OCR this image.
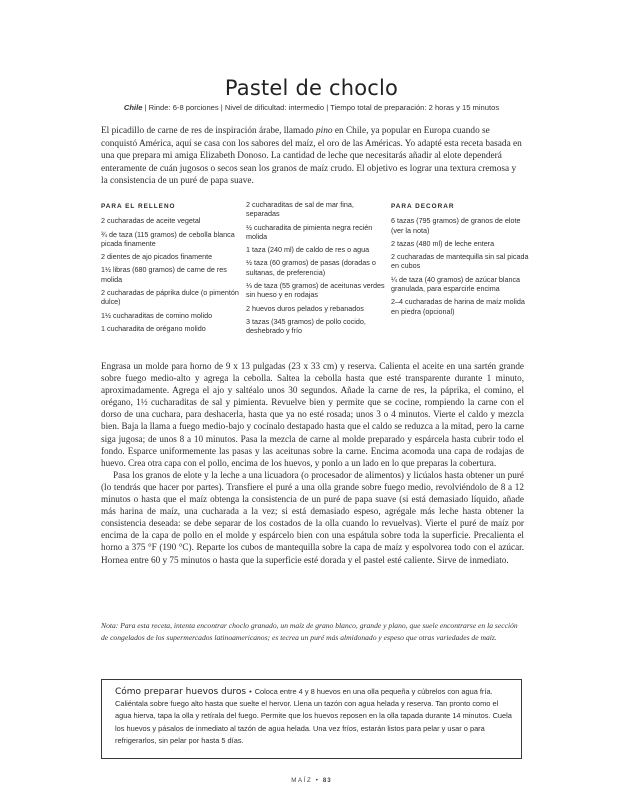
Pastel de choclo
Chile | Rinde: 6-8 porciones | Nivel de dificultad: intermedio | Tiempo total de preparación: 2 horas y 15 minutos

El picadillo de carne de res de inspiración árabe, llamado pino en Chile, ya popular en Europa cuando se conquistó América, aquí se casa con los sabores del maíz, el oro de las Américas. Yo adapté esta receta basada en una que prepara mi amiga Elizabeth Donoso. La cantidad de leche que necesitarás añadir al elote dependerá enteramente de cuán jugosos o secos sean los granos de maíz crudo. El objetivo es lograr una textura cremosa y la consistencia de un puré de papa suave.

PARA EL RELLENO
2 cucharadas de aceite vegetal
¾ de taza (115 gramos) de cebolla blanca picada finamente
2 dientes de ajo picados finamente
1½ libras (680 gramos) de carne de res molida
2 cucharadas de páprika dulce (o pimentón dulce)
1½ cucharaditas de comino molido
1 cucharadita de orégano molido
2 cucharaditas de sal de mar fina, separadas
½ cucharadita de pimienta negra recién molida
1 taza (240 ml) de caldo de res o agua
½ taza (60 gramos) de pasas (doradas o sultanas, de preferencia)
⅓ de taza (55 gramos) de aceitunas verdes sin hueso y en rodajas
2 huevos duros pelados y rebanados
3 tazas (345 gramos) de pollo cocido, deshebrado y frío
PARA DECORAR
6 tazas (795 gramos) de granos de elote (ver la nota)
2 tazas (480 ml) de leche entera
2 cucharadas de mantequilla sin sal picada en cubos
¼ de taza (40 gramos) de azúcar blanca granulada, para esparcirle encima
2–4 cucharadas de harina de maíz molida en piedra (opcional)

Engrasa un molde para horno de 9 x 13 pulgadas (23 x 33 cm) y reserva. Calienta el aceite en una sartén grande sobre fuego medio-alto y agrega la cebolla. Saltea la cebolla hasta que esté transparente durante 1 minuto, aproximadamente. Agrega el ajo y saltéalo unos 30 segundos. Añade la carne de res, la páprika, el comino, el orégano, 1½ cucharaditas de sal y pimienta. Revuelve bien y permite que se cocine, rompiendo la carne con el dorso de una cuchara, para deshacerla, hasta que ya no esté rosada; unos 3 o 4 minutos. Vierte el caldo y mezcla bien. Baja la llama a fuego medio-bajo y cocínalo destapado hasta que el caldo se reduzca a la mitad, pero la carne siga jugosa; de unos 8 a 10 minutos. Pasa la mezcla de carne al molde preparado y espárcela hasta cubrir todo el fondo. Esparce uniformemente las pasas y las aceitunas sobre la carne. Encima acomoda una capa de rodajas de huevo. Crea otra capa con el pollo, encima de los huevos, y ponlo a un lado en lo que preparas la cobertura.

Pasa los granos de elote y la leche a una licuadora (o procesador de alimentos) y licúalos hasta obtener un puré (lo tendrás que hacer por partes). Transfiere el puré a una olla grande sobre fuego medio, revolviéndolo de 8 a 12 minutos o hasta que el maíz obtenga la consistencia de un puré de papa suave (si está demasiado líquido, añade más harina de maíz, una cucharada a la vez; si está demasiado espeso, agrégale más leche hasta obtener la consistencia deseada: se debe separar de los costados de la olla cuando lo revuelvas). Vierte el puré de maíz por encima de la capa de pollo en el molde y espárcelo bien con una espátula sobre toda la superficie. Precalienta el horno a 375 °F (190 °C). Reparte los cubos de mantequilla sobre la capa de maíz y espolvorea todo con el azúcar. Hornea entre 60 y 75 minutos o hasta que la superficie esté dorada y el pastel esté caliente. Sirve de inmediato.

Nota: Para esta receta, intenta encontrar choclo granado, un maíz de grano blanco, grande y plano, que suele encontrarse en la sección de congelados de los supermercados latinoamericanos; es tecrea un puré más almidonado y espeso que otras variedades de maíz.

Cómo preparar huevos duros • Coloca entre 4 y 8 huevos en una olla pequeña y cúbrelos con agua fría. Caliéntala sobre fuego alto hasta que suelte el hervor. Llena un tazón con agua helada y reserva. Tan pronto como el agua hierva, tapa la olla y retírala del fuego. Permite que los huevos reposen en la olla tapada durante 14 minutos. Cuela los huevos y pásalos de inmediato al tazón de agua helada. Una vez fríos, estarán listos para pelar y usar o para refrigerarlos, sin pelar por hasta 5 días.

MAÍZ • 83
